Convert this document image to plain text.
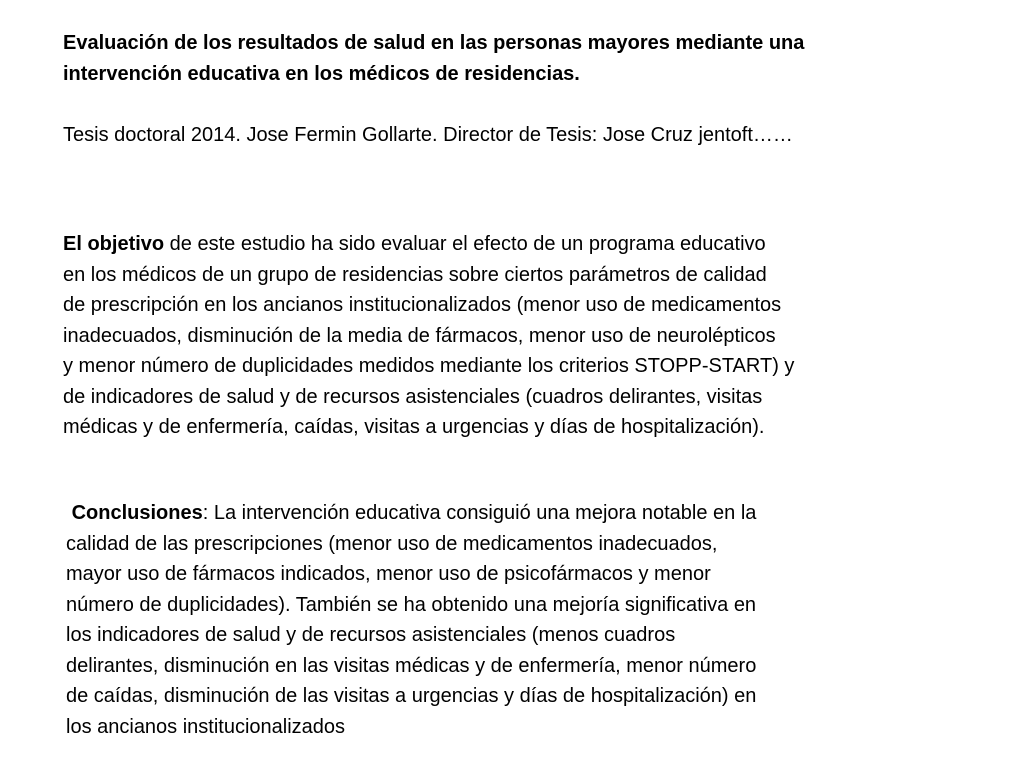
Evaluación de los resultados de salud en las personas mayores mediante una
intervención educativa en los médicos de residencias.

Tesis doctoral 2014. Jose Fermin Gollarte. Director de Tesis: Jose Cruz jentoft……

El objetivo de este estudio ha sido evaluar el efecto de un programa educativo
en los médicos de un grupo de residencias sobre ciertos parámetros de calidad
de prescripción en los ancianos institucionalizados (menor uso de medicamentos
inadecuados, disminución de la media de fármacos, menor uso de neurolépticos
y menor número de duplicidades medidos mediante los criterios STOPP-START) y
de indicadores de salud y de recursos asistenciales (cuadros delirantes, visitas
médicas y de enfermería, caídas, visitas a urgencias y días de hospitalización).

Conclusiones: La intervención educativa consiguió una mejora notable en la
calidad de las prescripciones (menor uso de medicamentos inadecuados,
mayor uso de fármacos indicados, menor uso de psicofármacos y menor
número de duplicidades). También se ha obtenido una mejoría significativa en
los indicadores de salud y de recursos asistenciales (menos cuadros
delirantes, disminución en las visitas médicas y de enfermería, menor número
de caídas, disminución de las visitas a urgencias y días de hospitalización) en
los ancianos institucionalizados
